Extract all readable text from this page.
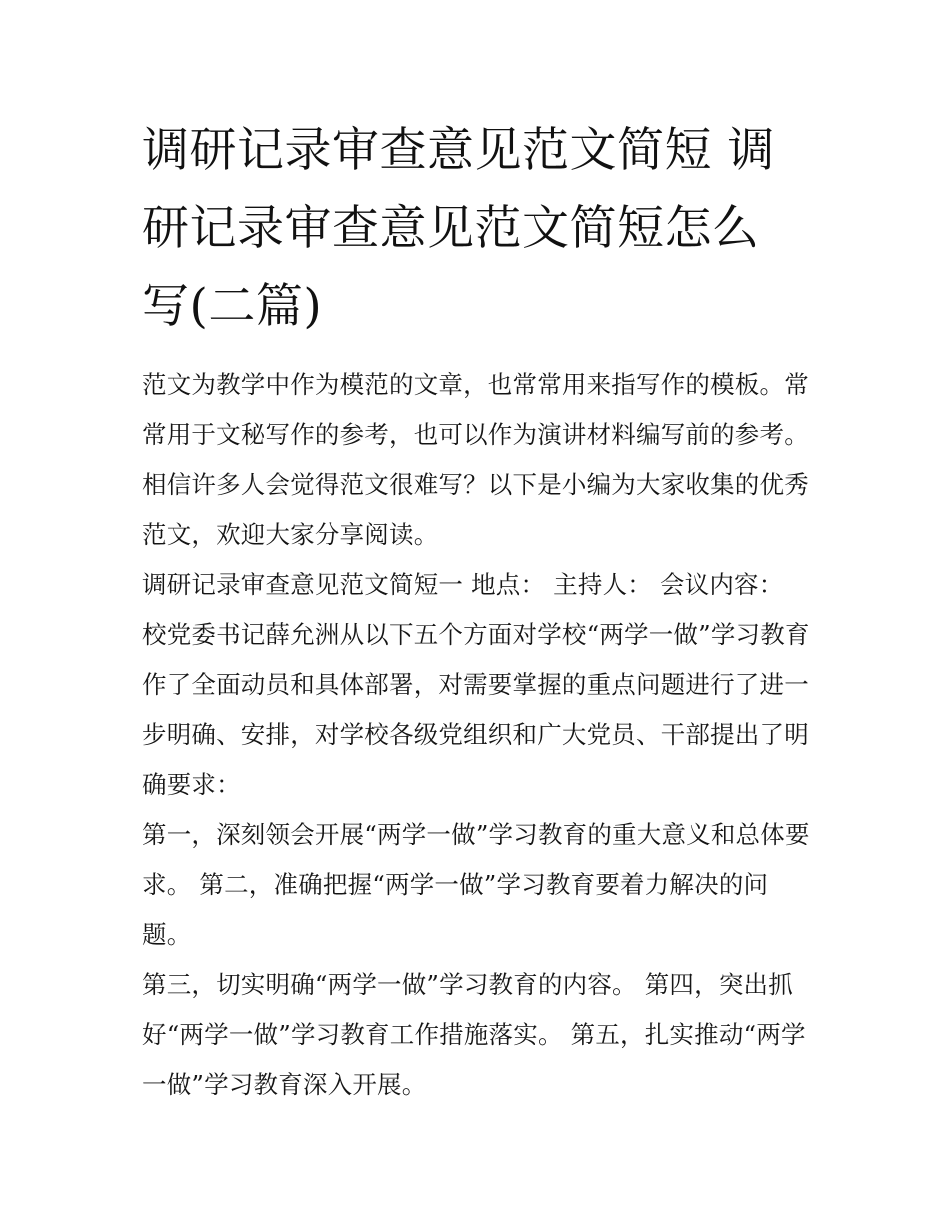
调研记录审查意见范文简短 调
研记录审查意见范文简短怎么
写(二篇)

范文为教学中作为模范的文章，也常常用来指写作的模板。常
常用于文秘写作的参考，也可以作为演讲材料编写前的参考。
相信许多人会觉得范文很难写？以下是小编为大家收集的优秀
范文，欢迎大家分享阅读。

调研记录审查意见范文简短一 地点： 主持人： 会议内容：

校党委书记薛允洲从以下五个方面对学校“两学一做”学习教育
作了全面动员和具体部署，对需要掌握的重点问题进行了进一
步明确、安排，对学校各级党组织和广大党员、干部提出了明
确要求：

第一，深刻领会开展“两学一做”学习教育的重大意义和总体要
求。 第二，准确把握“两学一做”学习教育要着力解决的问
题。

第三，切实明确“两学一做”学习教育的内容。 第四，突出抓
好“两学一做”学习教育工作措施落实。 第五，扎实推动“两学
一做”学习教育深入开展。
